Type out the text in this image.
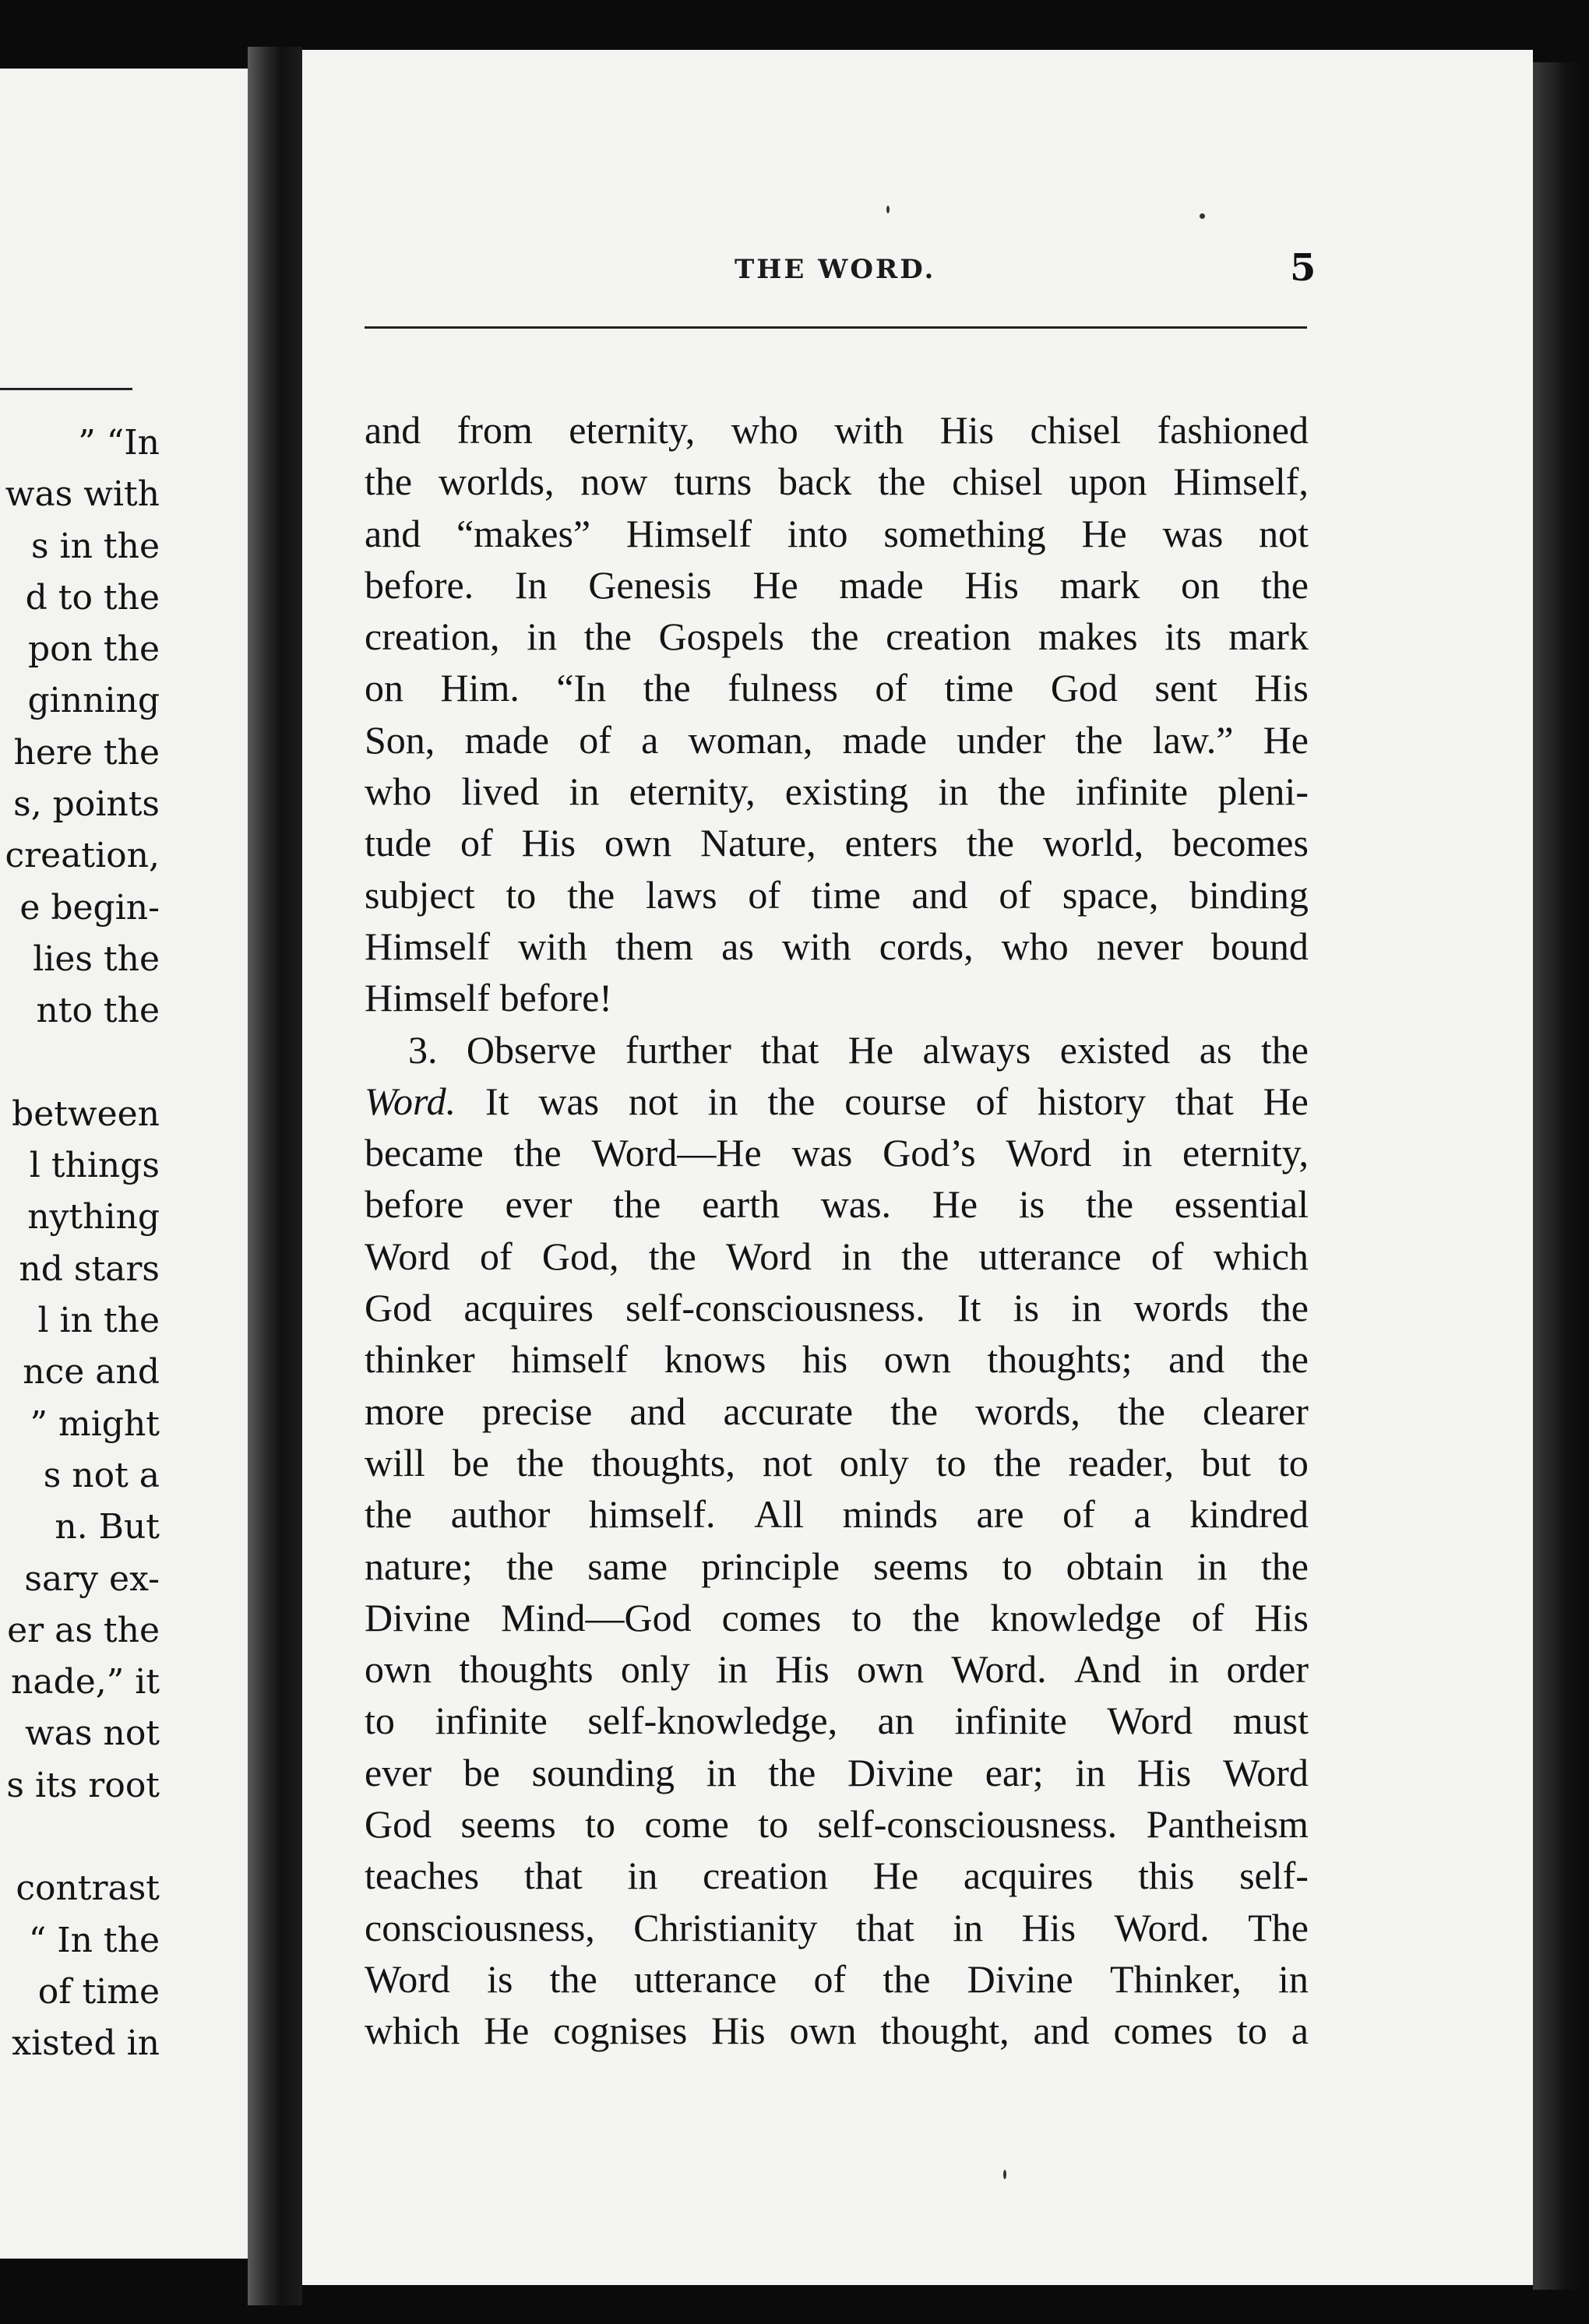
” “In
was with
s in the
d to the
pon the
ginning
here the
s, points
creation,
e begin-
lies the
nto the
between
l things
nything
nd stars
l in the
nce and
” might
s not a
n. But
sary ex-
er as the
nade,” it
was not
s its root
contrast
“ In the
of time
xisted in
THE WORD.	5
and from eternity, who with His chisel fashioned
the worlds, now turns back the chisel upon Himself,
and “makes” Himself into something He was not
before. In Genesis He made His mark on the
creation, in the Gospels the creation makes its mark
on Him. “In the fulness of time God sent His
Son, made of a woman, made under the law.” He
who lived in eternity, existing in the infinite pleni-
tude of His own Nature, enters the world, becomes
subject to the laws of time and of space, binding
Himself with them as with cords, who never bound
Himself before!
3. Observe further that He always existed as the
Word. It was not in the course of history that He
became the Word—He was God’s Word in eternity,
before ever the earth was. He is the essential
Word of God, the Word in the utterance of which
God acquires self-consciousness. It is in words the
thinker himself knows his own thoughts; and the
more precise and accurate the words, the clearer
will be the thoughts, not only to the reader, but to
the author himself. All minds are of a kindred
nature; the same principle seems to obtain in the
Divine Mind—God comes to the knowledge of His
own thoughts only in His own Word. And in order
to infinite self-knowledge, an infinite Word must
ever be sounding in the Divine ear; in His Word
God seems to come to self-consciousness. Pantheism
teaches that in creation He acquires this self-
consciousness, Christianity that in His Word. The
Word is the utterance of the Divine Thinker, in
which He cognises His own thought, and comes to a
